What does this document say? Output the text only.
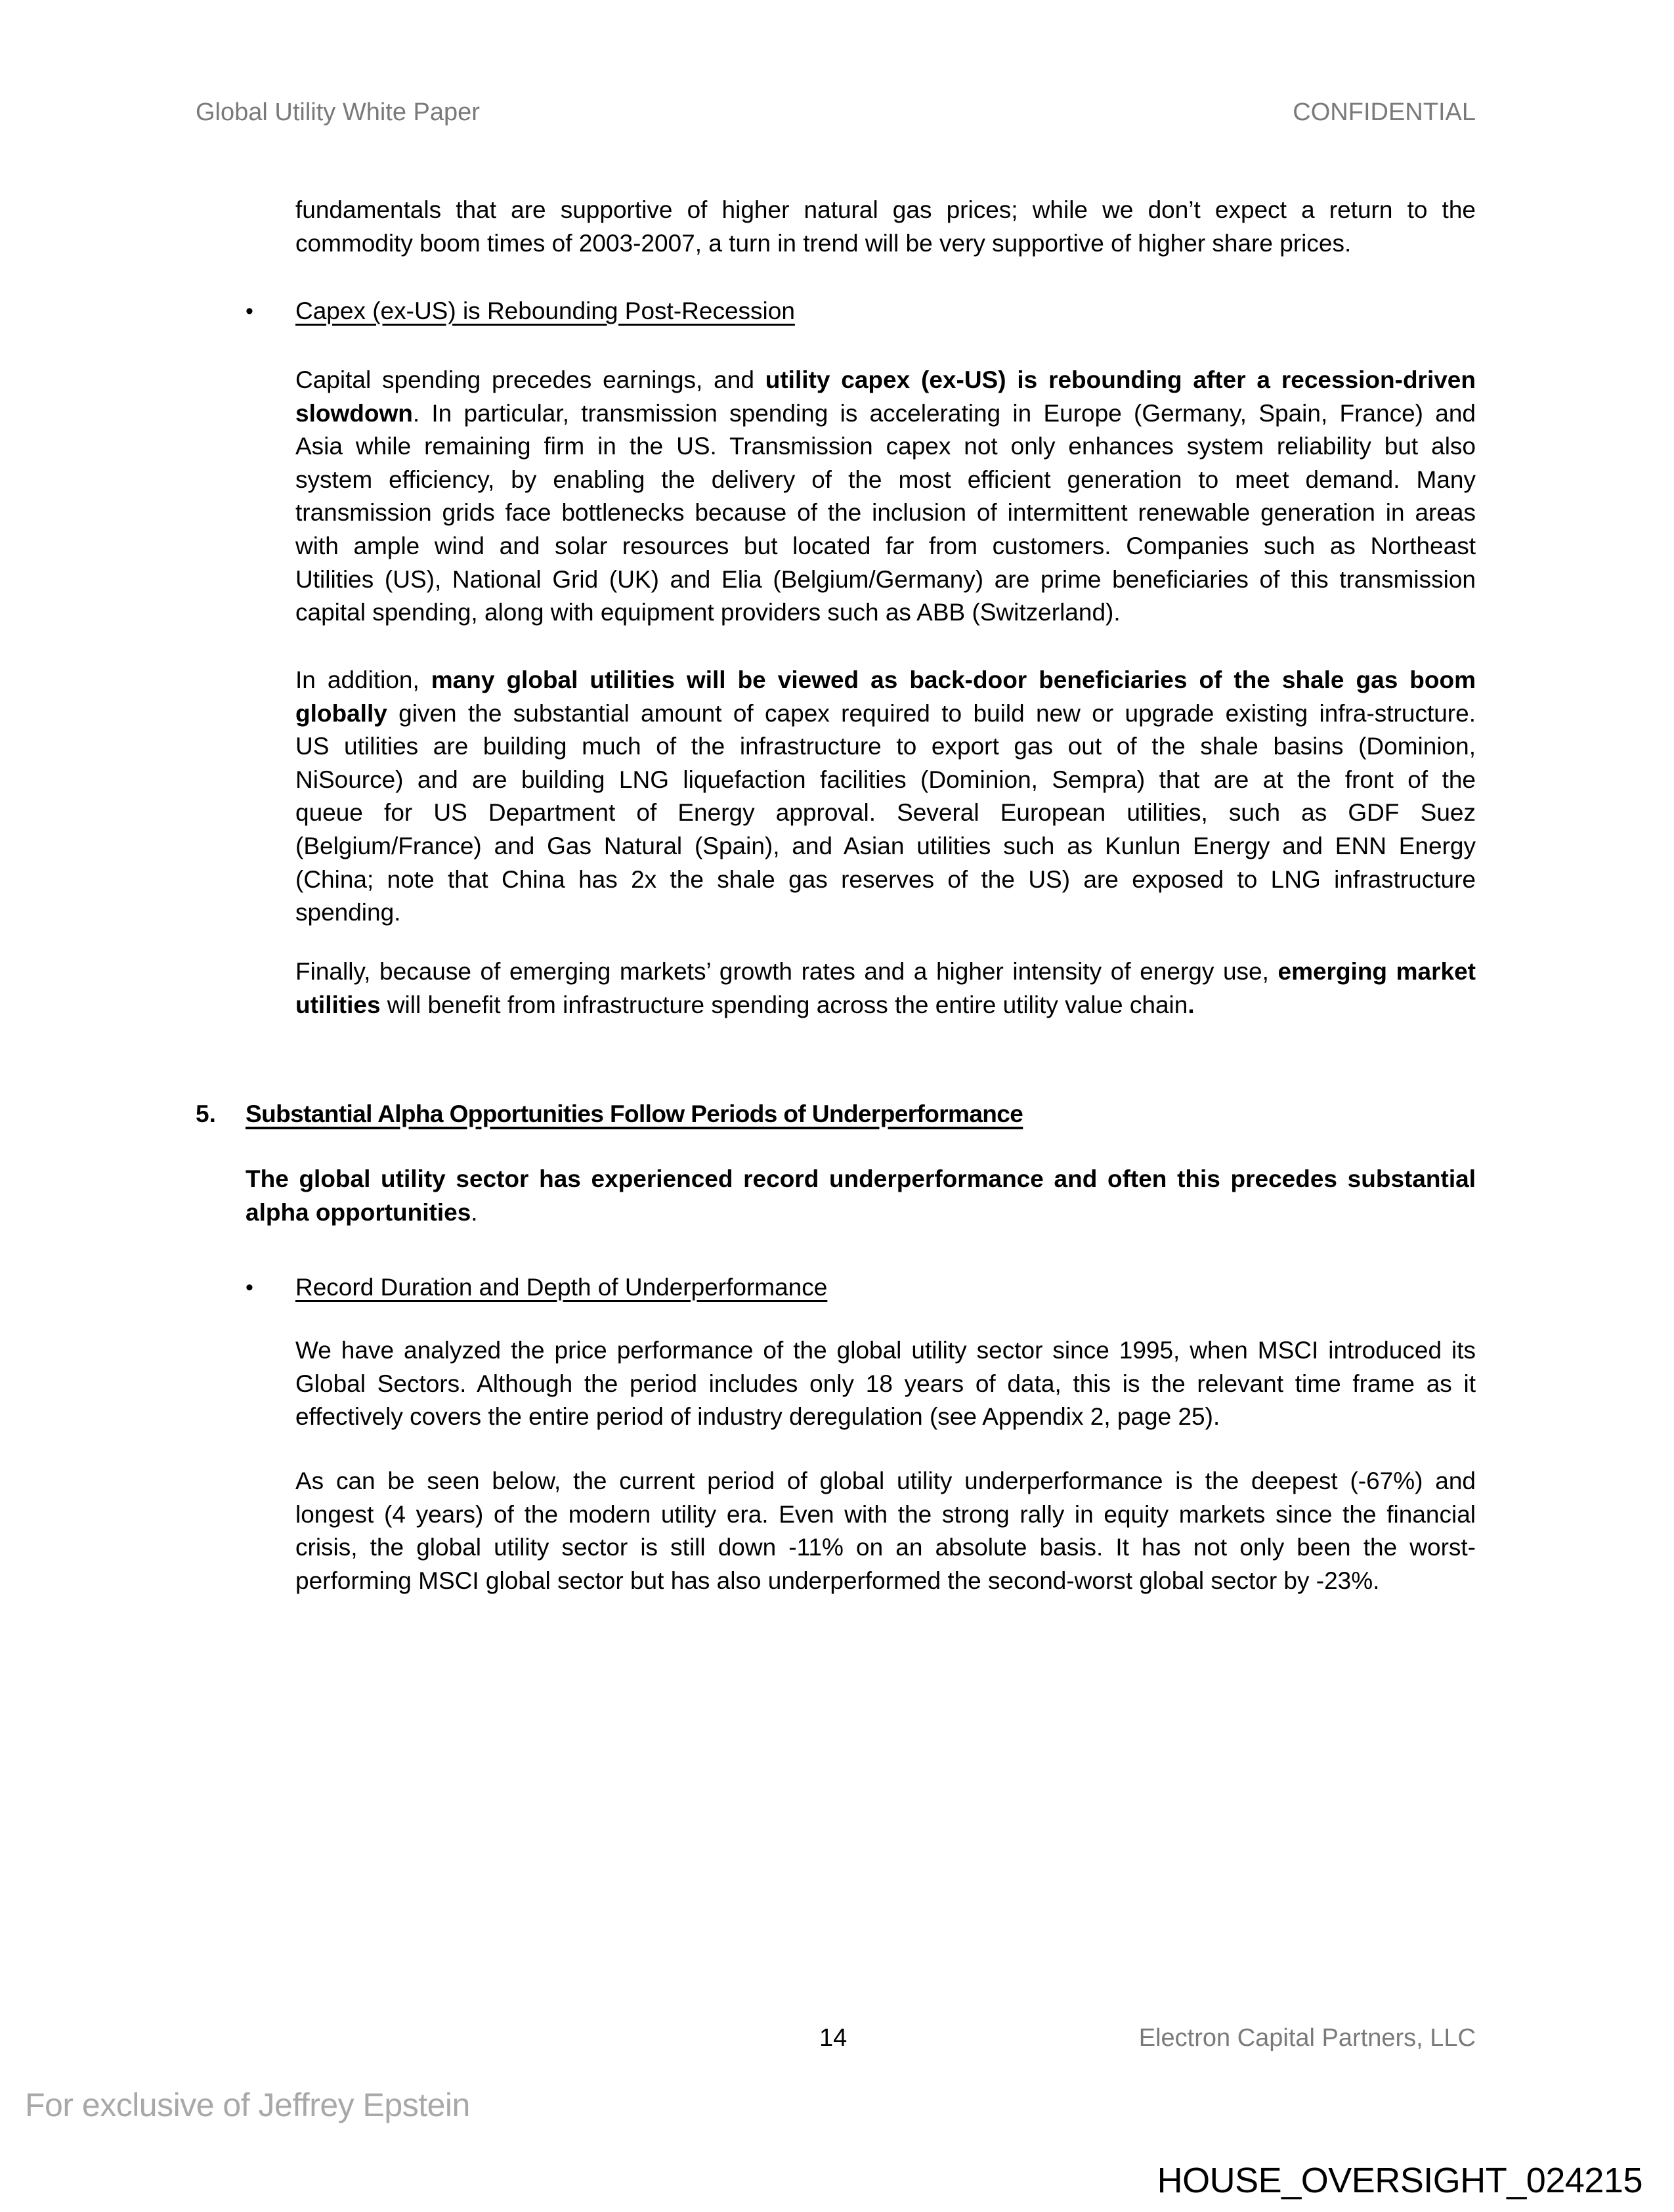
Global Utility White Paper	CONFIDENTIAL
fundamentals that are supportive of higher natural gas prices; while we don’t expect a return to the
commodity boom times of 2003-2007, a turn in trend will be very supportive of higher share prices.
• Capex (ex-US) is Rebounding Post-Recession
Capital spending precedes earnings, and utility capex (ex-US) is rebounding after a recession-driven
slowdown. In particular, transmission spending is accelerating in Europe (Germany, Spain, France) and
Asia while remaining firm in the US. Transmission capex not only enhances system reliability but also
system efficiency, by enabling the delivery of the most efficient generation to meet demand. Many
transmission grids face bottlenecks because of the inclusion of intermittent renewable generation in areas
with ample wind and solar resources but located far from customers. Companies such as Northeast
Utilities (US), National Grid (UK) and Elia (Belgium/Germany) are prime beneficiaries of this transmission
capital spending, along with equipment providers such as ABB (Switzerland).
In addition, many global utilities will be viewed as back-door beneficiaries of the shale gas boom
globally given the substantial amount of capex required to build new or upgrade existing infra-structure.
US utilities are building much of the infrastructure to export gas out of the shale basins (Dominion,
NiSource) and are building LNG liquefaction facilities (Dominion, Sempra) that are at the front of the
queue for US Department of Energy approval. Several European utilities, such as GDF Suez
(Belgium/France) and Gas Natural (Spain), and Asian utilities such as Kunlun Energy and ENN Energy
(China; note that China has 2x the shale gas reserves of the US) are exposed to LNG infrastructure
spending.
Finally, because of emerging markets’ growth rates and a higher intensity of energy use, emerging market
utilities will benefit from infrastructure spending across the entire utility value chain.
5. Substantial Alpha Opportunities Follow Periods of Underperformance
The global utility sector has experienced record underperformance and often this precedes substantial
alpha opportunities.
• Record Duration and Depth of Underperformance
We have analyzed the price performance of the global utility sector since 1995, when MSCI introduced its
Global Sectors. Although the period includes only 18 years of data, this is the relevant time frame as it
effectively covers the entire period of industry deregulation (see Appendix 2, page 25).
As can be seen below, the current period of global utility underperformance is the deepest (-67%) and
longest (4 years) of the modern utility era. Even with the strong rally in equity markets since the financial
crisis, the global utility sector is still down -11% on an absolute basis. It has not only been the worst-
performing MSCI global sector but has also underperformed the second-worst global sector by -23%.
14	Electron Capital Partners, LLC
For exclusive of Jeffrey Epstein
HOUSE_OVERSIGHT_024215
